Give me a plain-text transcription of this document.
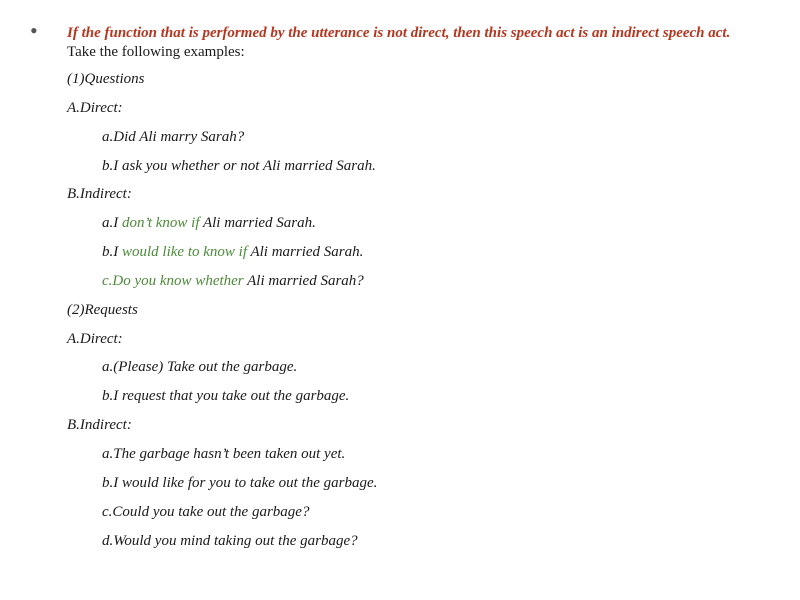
• If the function that is performed by the utterance is not direct, then this speech act is an indirect speech act.
Take the following examples:
(1)Questions
A.Direct:
a.Did Ali marry Sarah?
b.I ask you whether or not Ali married Sarah.
B.Indirect:
a.I don’t know if Ali married Sarah.
b.I would like to know if Ali married Sarah.
c.Do you know whether Ali married Sarah?
(2)Requests
A.Direct:
a.(Please) Take out the garbage.
b.I request that you take out the garbage.
B.Indirect:
a.The garbage hasn’t been taken out yet.
b.I would like for you to take out the garbage.
c.Could you take out the garbage?
d.Would you mind taking out the garbage?
